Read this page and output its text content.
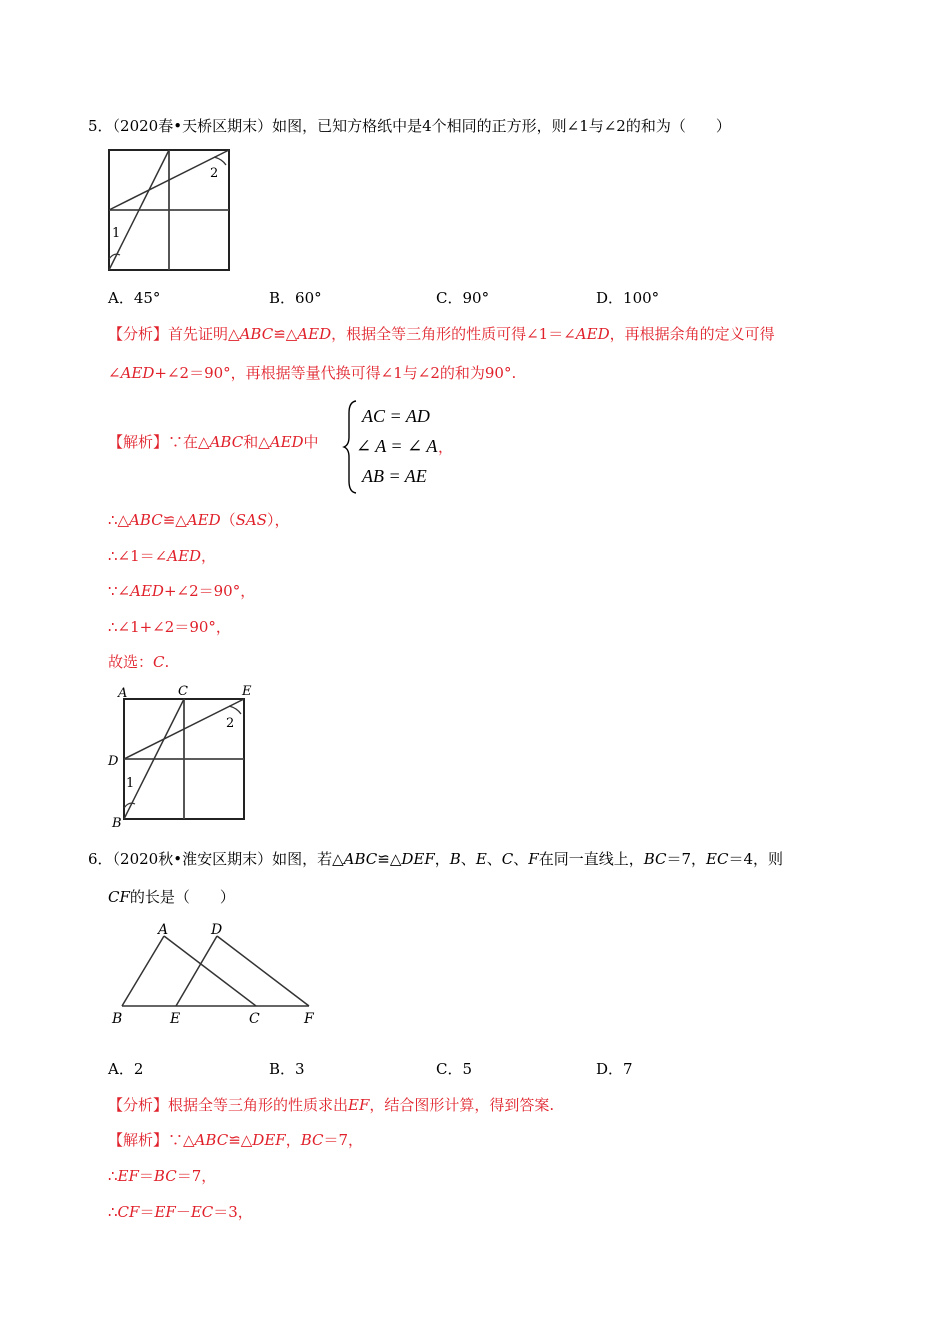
5．（2020春•天桥区期末）如图，已知方格纸中是4个相同的正方形，则∠1与∠2的和为（　　）
1
2
A．45°	B．60°	C．90°	D．100°
【分析】首先证明△ABC≌△AED，根据全等三角形的性质可得∠1＝∠AED，再根据余角的定义可得
∠AED+∠2＝90°，再根据等量代换可得∠1与∠2的和为90°.
【解析】∵在△ABC和△AED中
AC = AD
∠ A = ∠ A
AB = AE
，
∴△ABC≌△AED（SAS），
∴∠1＝∠AED，
∵∠AED+∠2＝90°，
∴∠1+∠2＝90°，
故选：C.
A	C	E
D
B
1
2
6．（2020秋•淮安区期末）如图，若△ABC≌△DEF，B、E、C、F在同一直线上，BC＝7，EC＝4，则
CF的长是（　　）
A	D
B	E	C	F
A．2	B．3	C．5	D．7
【分析】根据全等三角形的性质求出EF，结合图形计算，得到答案.
【解析】∵△ABC≌△DEF，BC＝7，
∴EF＝BC＝7，
∴CF＝EF－EC＝3，
